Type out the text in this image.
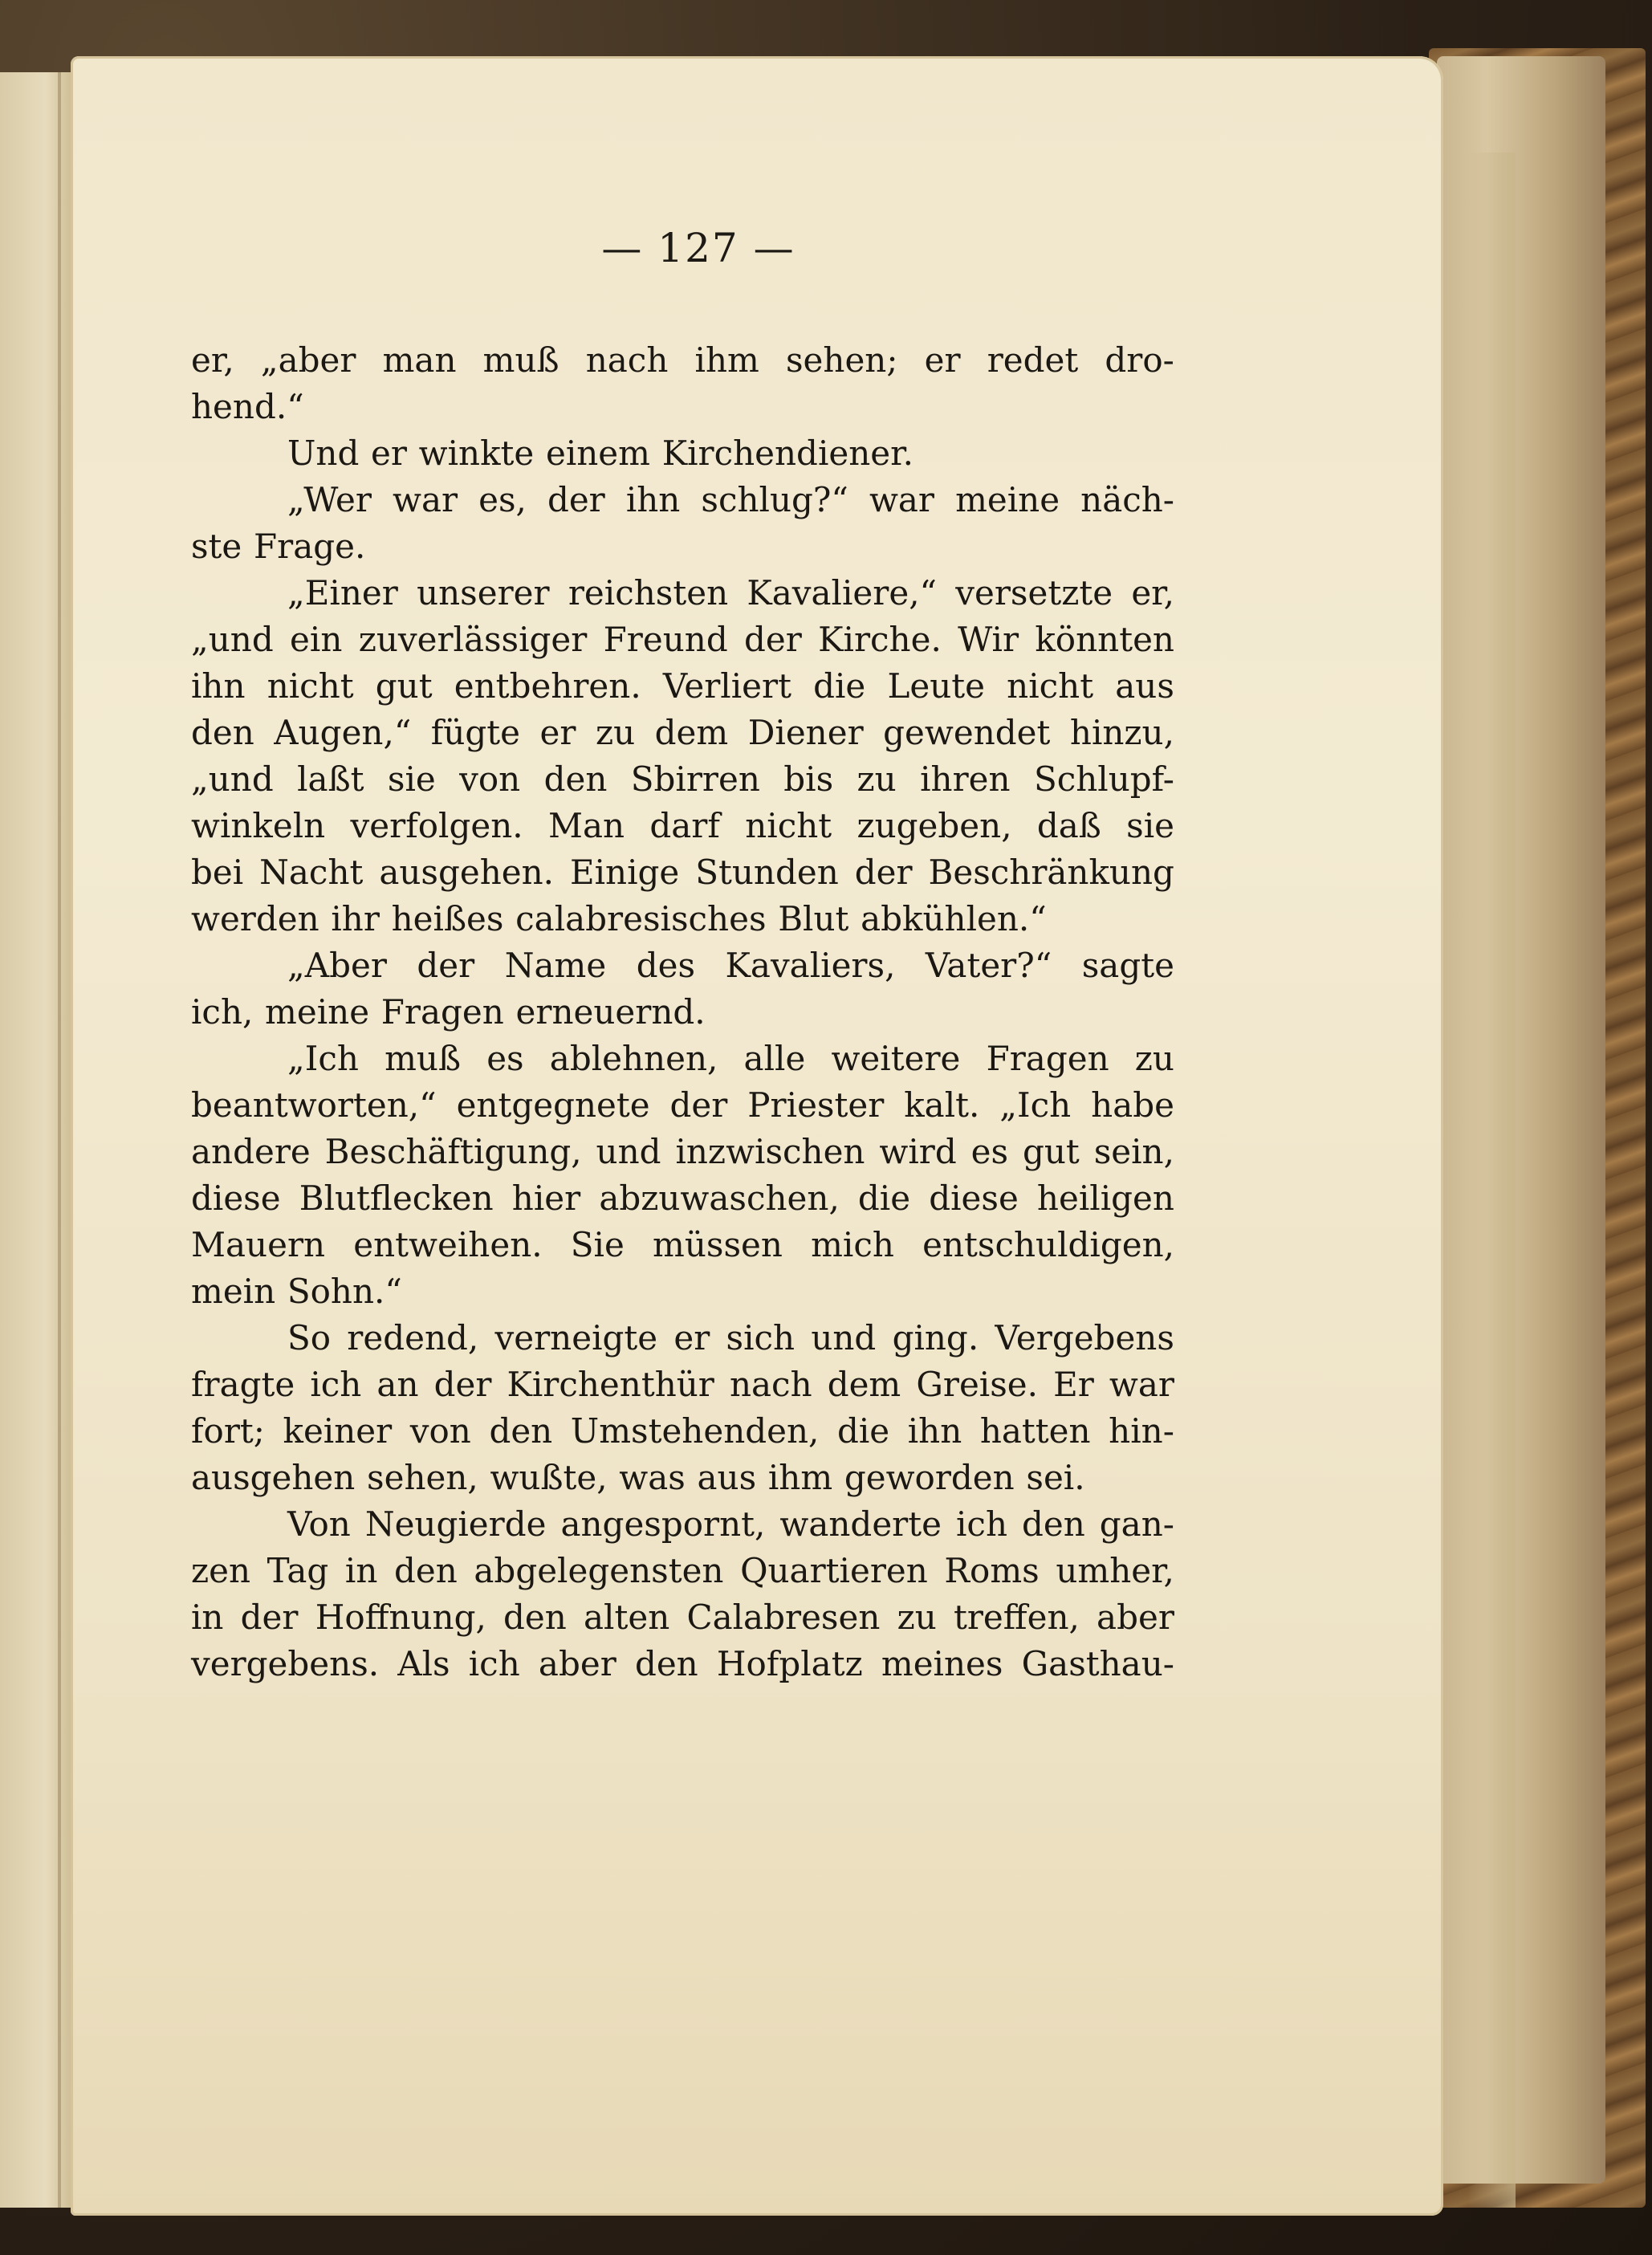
— 127 —
er, „aber man muß nach ihm sehen; er redet dro-
hend.“
Und er winkte einem Kirchendiener.
„Wer war es, der ihn schlug?“ war meine näch-
ste Frage.
„Einer unserer reichsten Kavaliere,“ versetzte er,
„und ein zuverlässiger Freund der Kirche. Wir könnten
ihn nicht gut entbehren. Verliert die Leute nicht aus
den Augen,“ fügte er zu dem Diener gewendet hinzu,
„und laßt sie von den Sbirren bis zu ihren Schlupf-
winkeln verfolgen. Man darf nicht zugeben, daß sie
bei Nacht ausgehen. Einige Stunden der Beschränkung
werden ihr heißes calabresisches Blut abkühlen.“
„Aber der Name des Kavaliers, Vater?“ sagte
ich, meine Fragen erneuernd.
„Ich muß es ablehnen, alle weitere Fragen zu
beantworten,“ entgegnete der Priester kalt. „Ich habe
andere Beschäftigung, und inzwischen wird es gut sein,
diese Blutflecken hier abzuwaschen, die diese heiligen
Mauern entweihen. Sie müssen mich entschuldigen,
mein Sohn.“
So redend, verneigte er sich und ging. Vergebens
fragte ich an der Kirchenthür nach dem Greise. Er war
fort; keiner von den Umstehenden, die ihn hatten hin-
ausgehen sehen, wußte, was aus ihm geworden sei.
Von Neugierde angespornt, wanderte ich den gan-
zen Tag in den abgelegensten Quartieren Roms umher,
in der Hoffnung, den alten Calabresen zu treffen, aber
vergebens. Als ich aber den Hofplatz meines Gasthau-
